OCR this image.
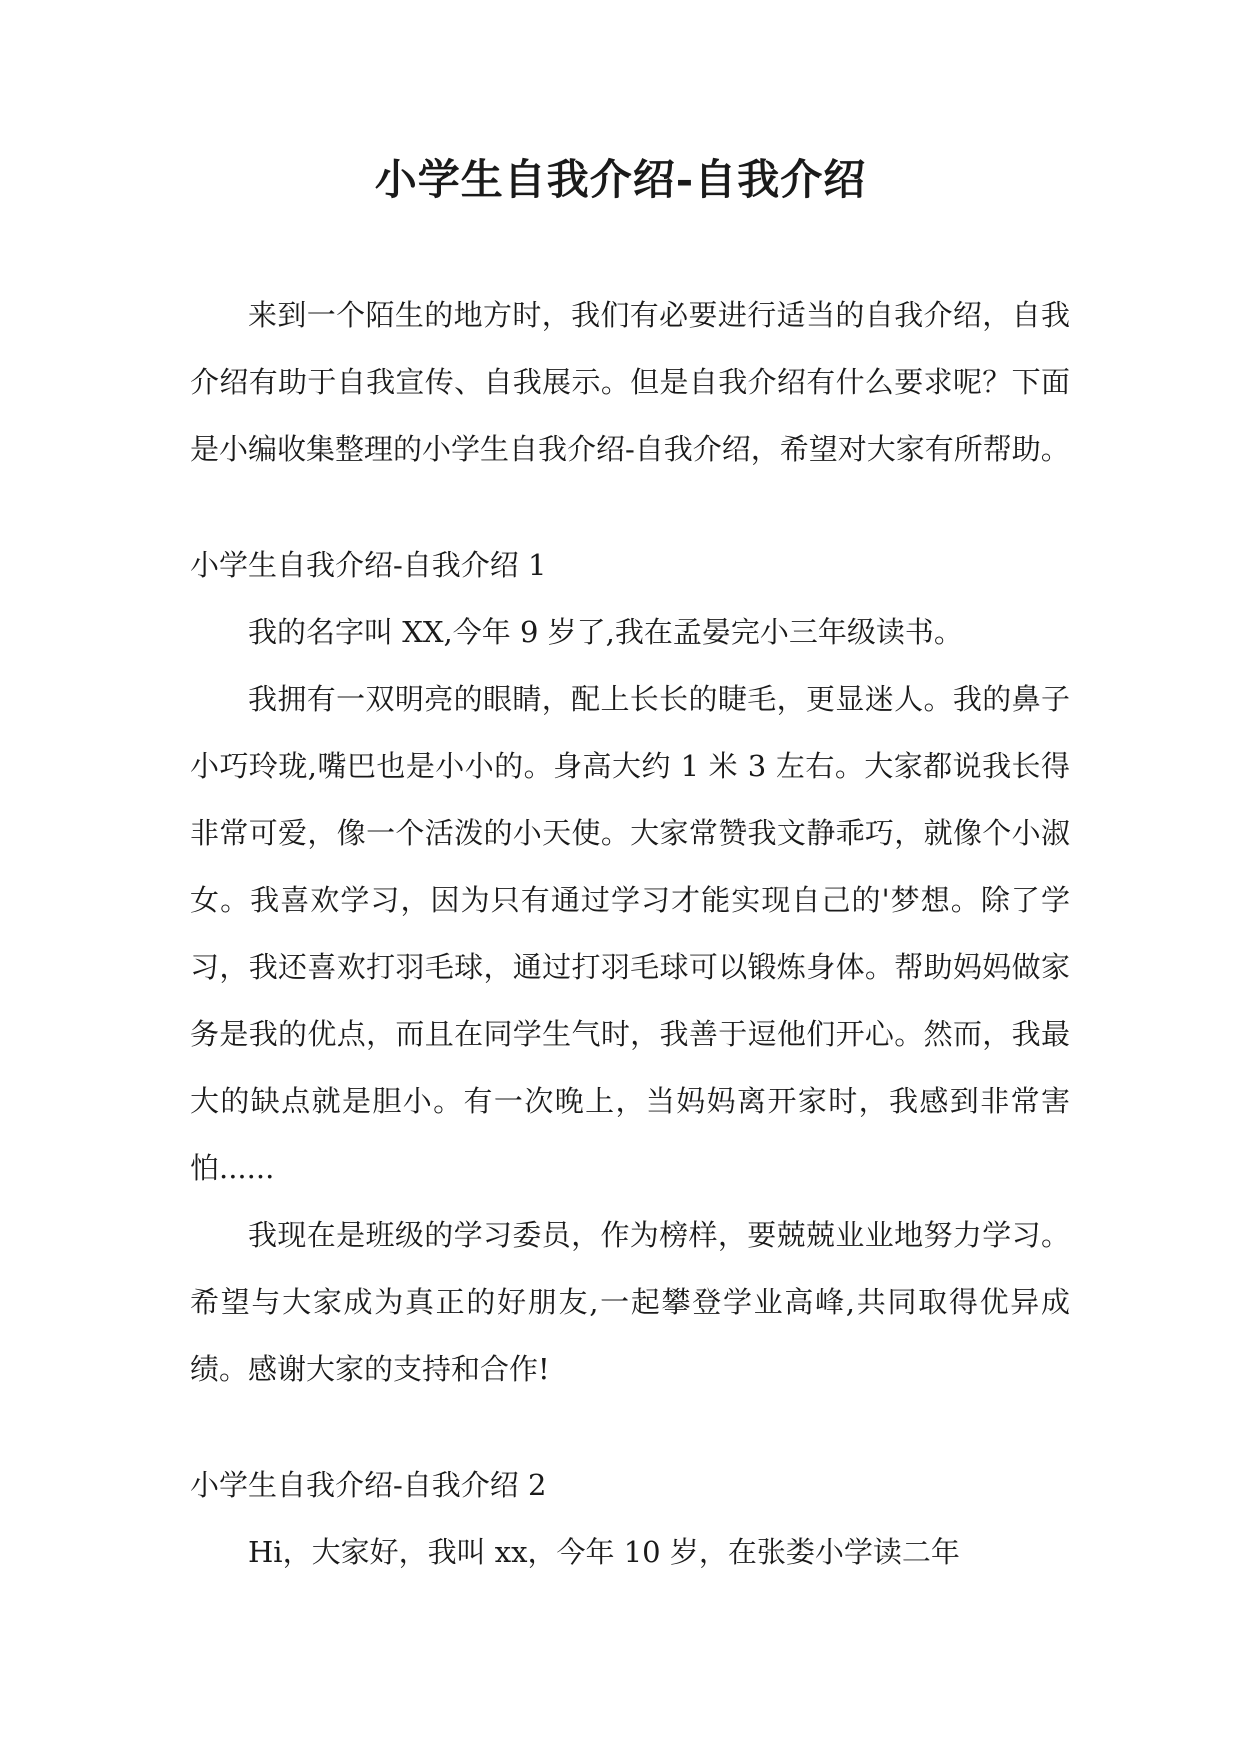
小学生自我介绍-自我介绍

来到一个陌生的地方时，我们有必要进行适当的自我介绍，自我介绍有助于自我宣传、自我展示。但是自我介绍有什么要求呢？下面是小编收集整理的小学生自我介绍-自我介绍，希望对大家有所帮助。

小学生自我介绍-自我介绍 1

我的名字叫 XX,今年 9 岁了,我在孟晏完小三年级读书。

我拥有一双明亮的眼睛，配上长长的睫毛，更显迷人。我的鼻子小巧玲珑,嘴巴也是小小的。身高大约 1 米 3 左右。大家都说我长得非常可爱，像一个活泼的小天使。大家常赞我文静乖巧，就像个小淑女。我喜欢学习，因为只有通过学习才能实现自己的'梦想。除了学习，我还喜欢打羽毛球，通过打羽毛球可以锻炼身体。帮助妈妈做家务是我的优点，而且在同学生气时，我善于逗他们开心。然而，我最大的缺点就是胆小。有一次晚上，当妈妈离开家时，我感到非常害怕......

我现在是班级的学习委员，作为榜样，要兢兢业业地努力学习。希望与大家成为真正的好朋友,一起攀登学业高峰,共同取得优异成绩。感谢大家的支持和合作!

小学生自我介绍-自我介绍 2

Hi，大家好，我叫 xx，今年 10 岁，在张娄小学读二年
